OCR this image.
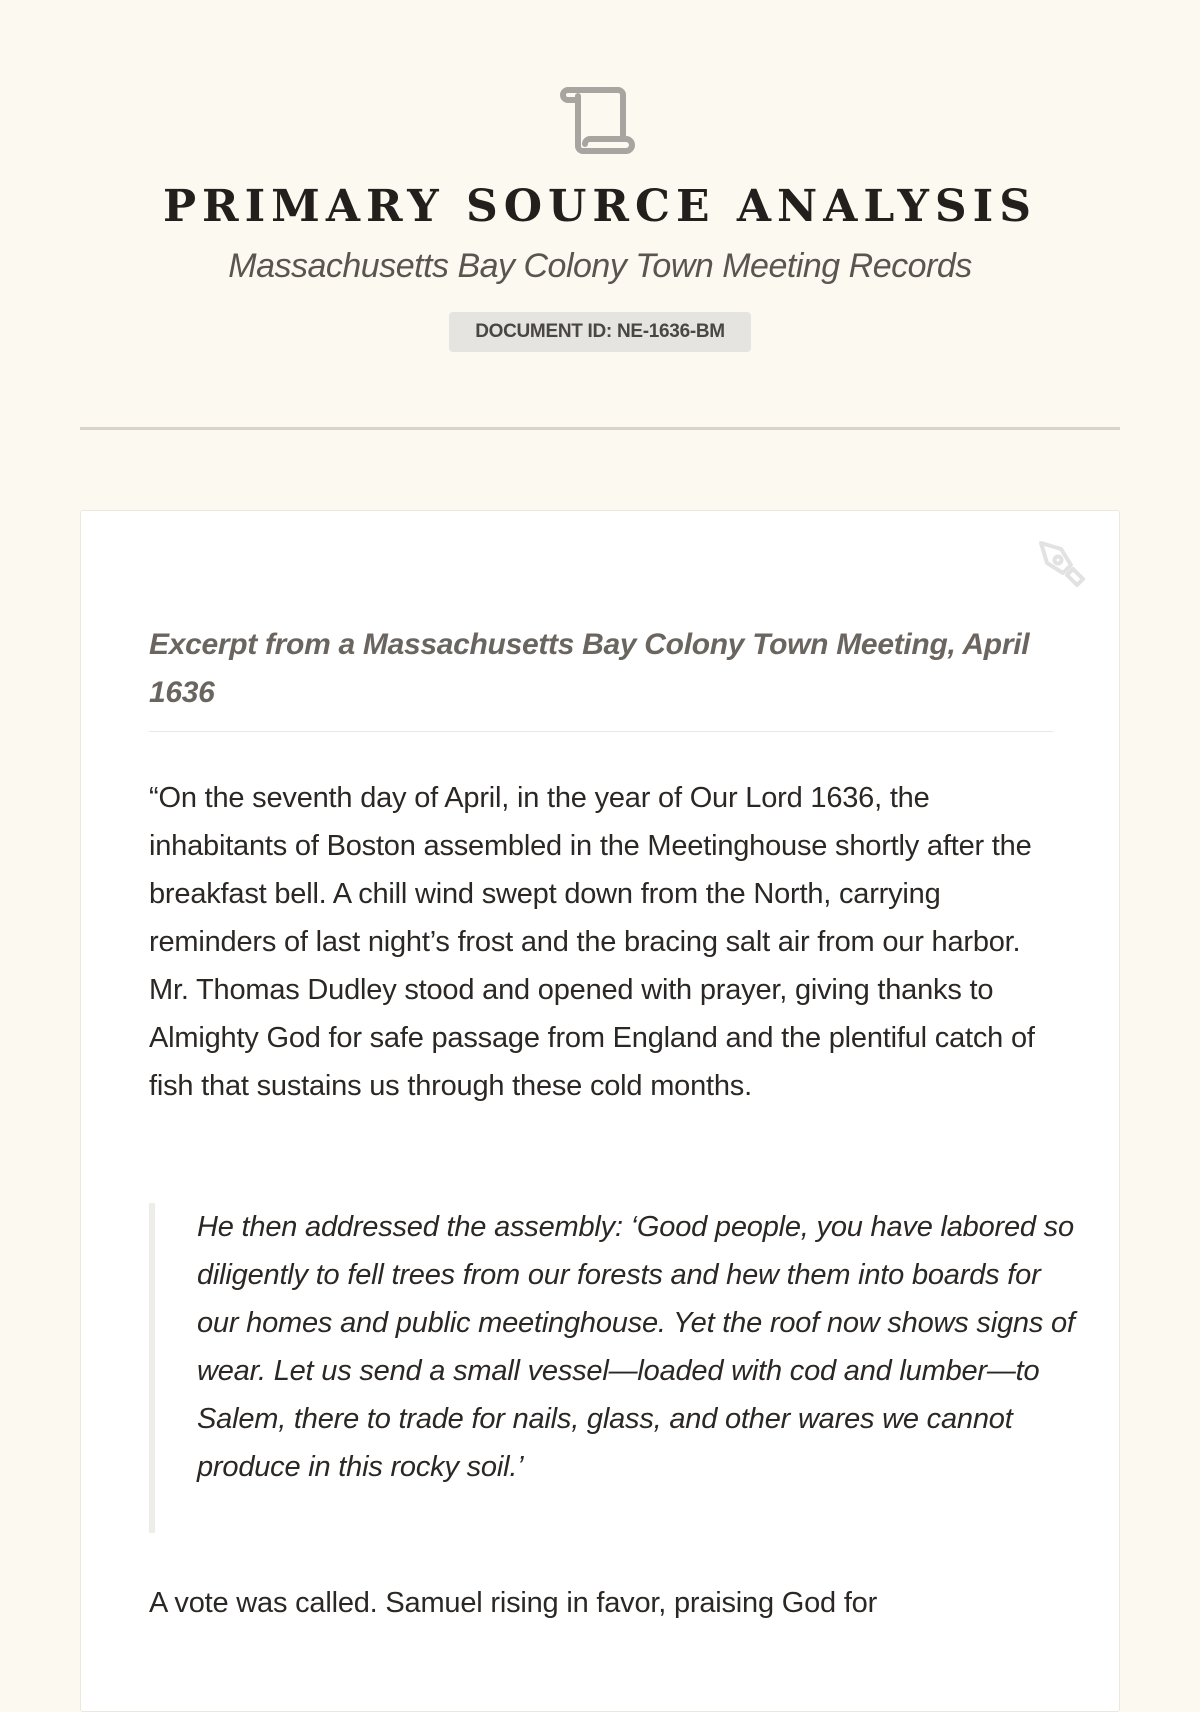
PRIMARY SOURCE ANALYSIS
Massachusetts Bay Colony Town Meeting Records
DOCUMENT ID: NE-1636-BM
Excerpt from a Massachusetts Bay Colony Town Meeting, April 1636

“On the seventh day of April, in the year of Our Lord 1636, the inhabitants of Boston assembled in the Meetinghouse shortly after the breakfast bell. A chill wind swept down from the North, carrying reminders of last night’s frost and the bracing salt air from our harbor. Mr. Thomas Dudley stood and opened with prayer, giving thanks to Almighty God for safe passage from England and the plentiful catch of fish that sustains us through these cold months.

He then addressed the assembly: ‘Good people, you have labored so diligently to fell trees from our forests and hew them into boards for our homes and public meetinghouse. Yet the roof now shows signs of wear. Let us send a small vessel—loaded with cod and lumber—to Salem, there to trade for nails, glass, and other wares we cannot produce in this rocky soil.’

A vote was called. Samuel rising in favor, praising God for
